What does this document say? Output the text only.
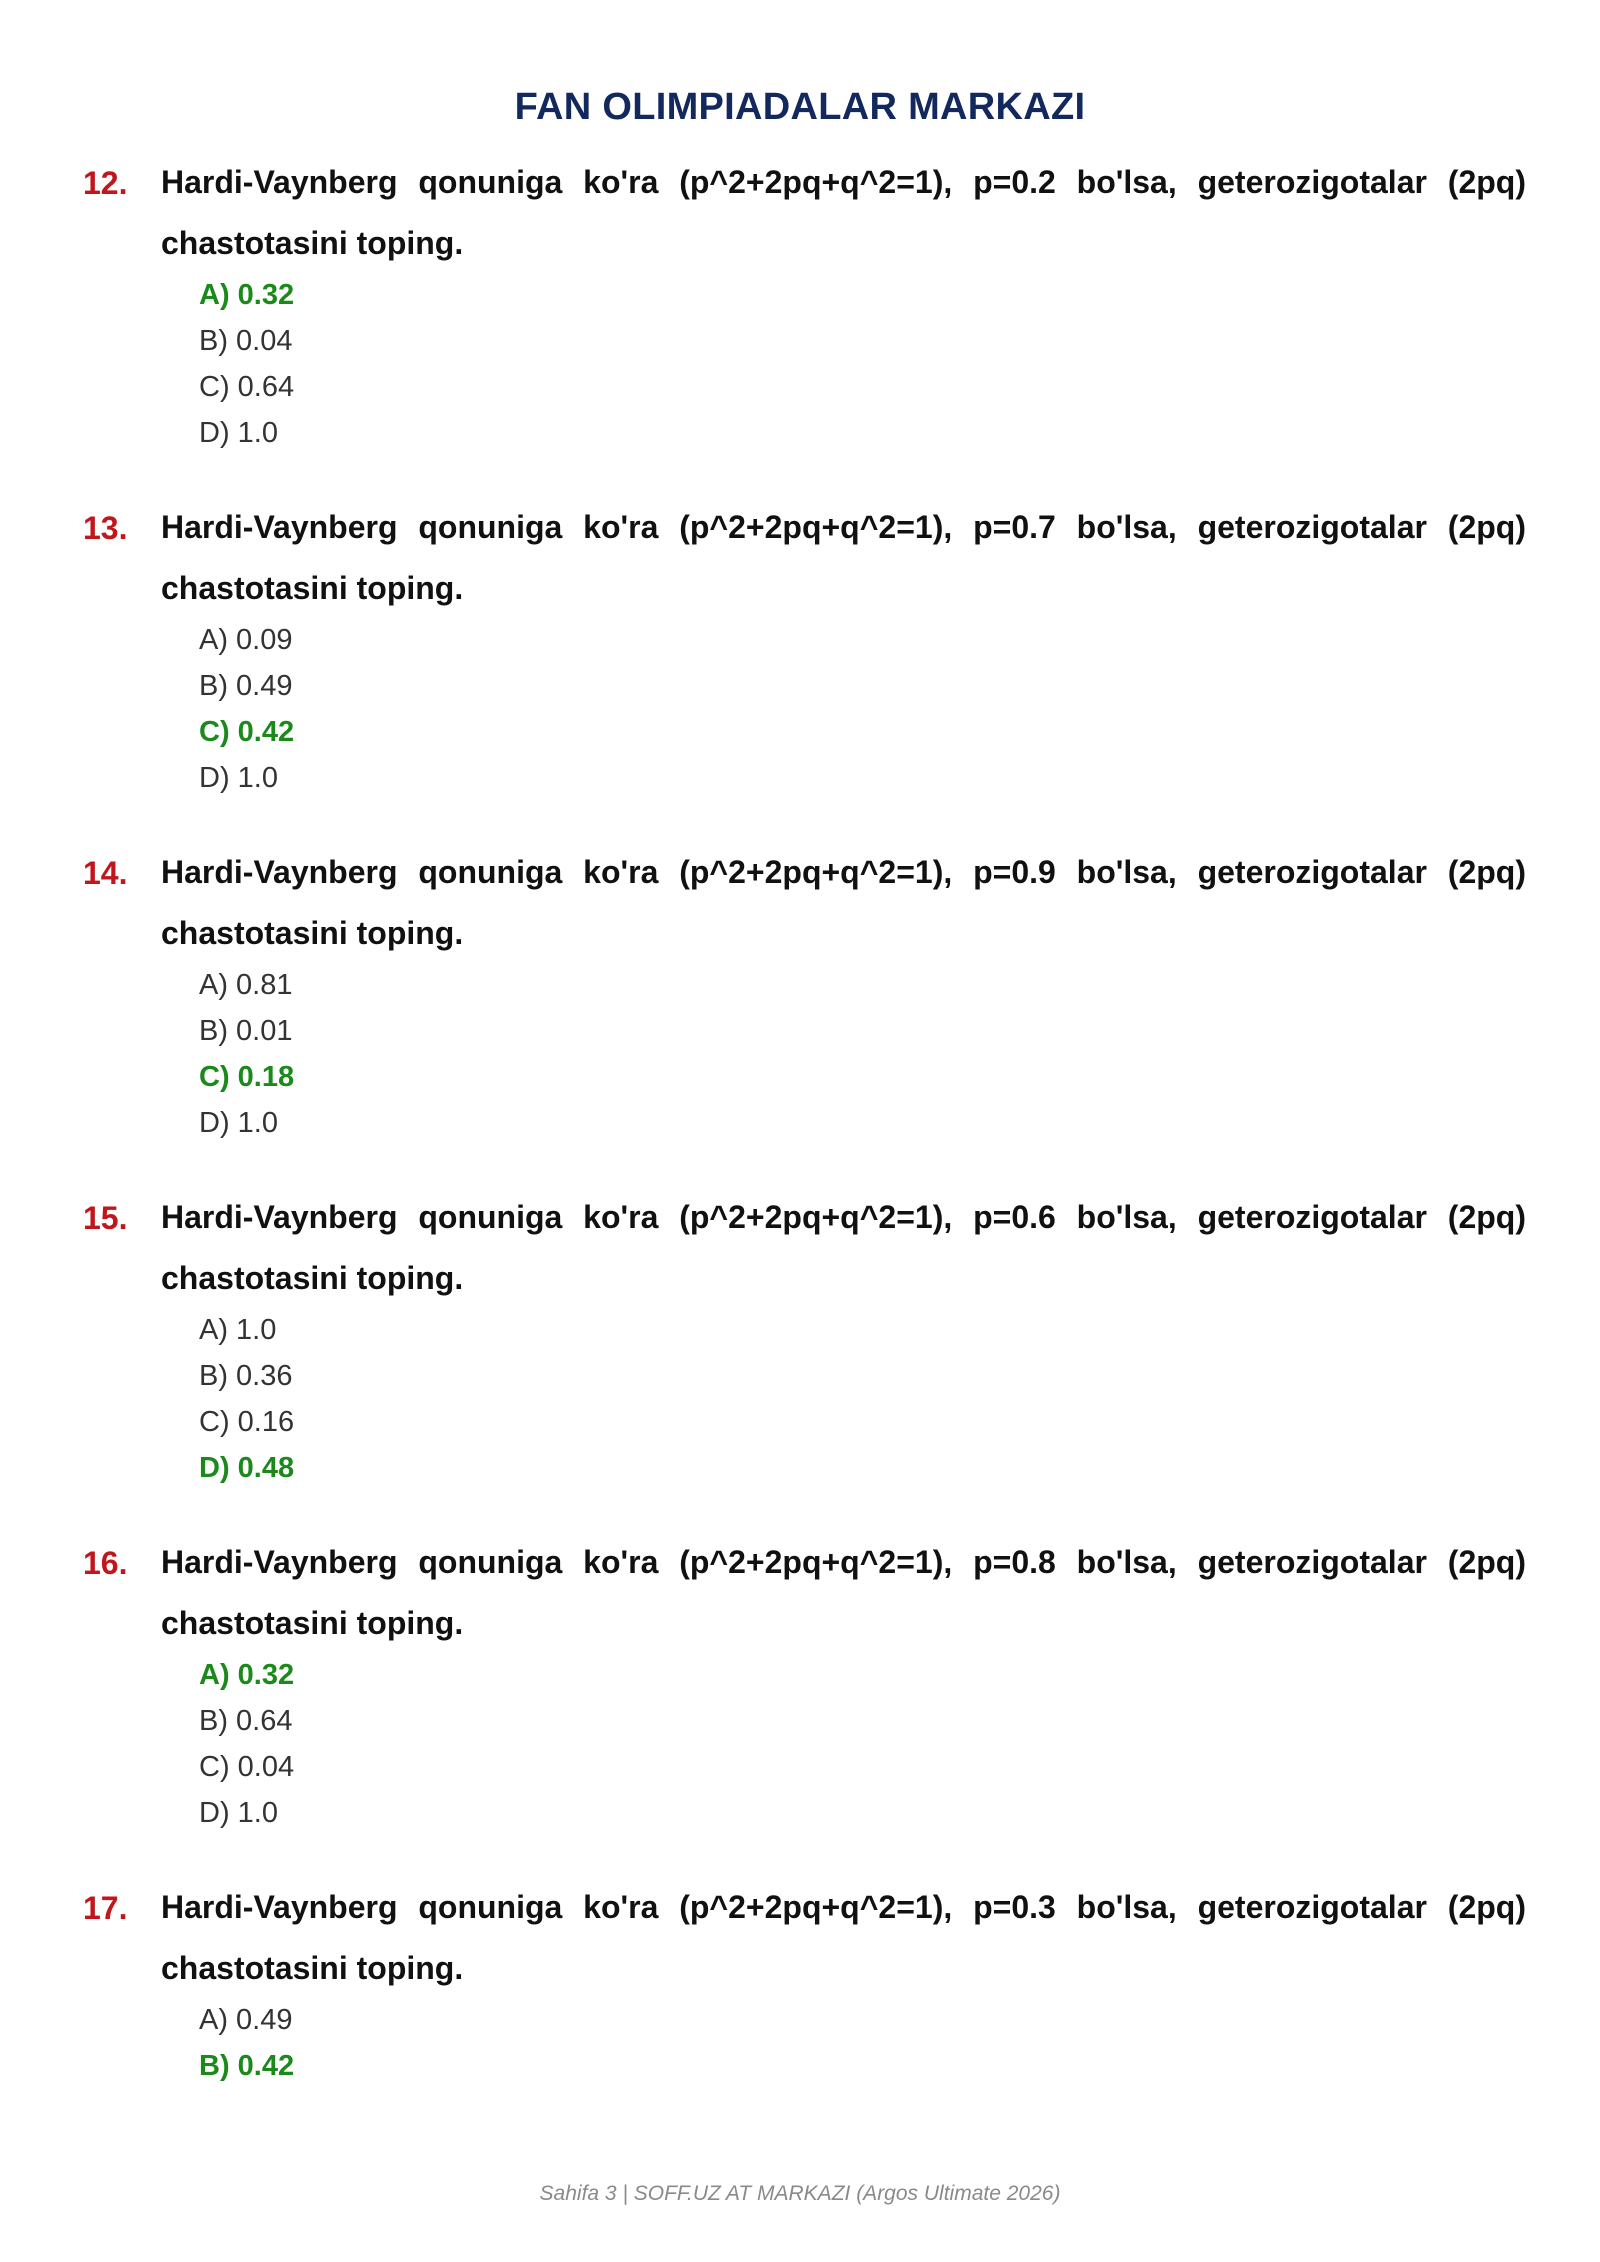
FAN OLIMPIADALAR MARKAZI
12. Hardi-Vaynberg qonuniga ko'ra (p^2+2pq+q^2=1), p=0.2 bo'lsa, geterozigotalar (2pq) chastotasini toping.
A) 0.32
B) 0.04
C) 0.64
D) 1.0
13. Hardi-Vaynberg qonuniga ko'ra (p^2+2pq+q^2=1), p=0.7 bo'lsa, geterozigotalar (2pq) chastotasini toping.
A) 0.09
B) 0.49
C) 0.42
D) 1.0
14. Hardi-Vaynberg qonuniga ko'ra (p^2+2pq+q^2=1), p=0.9 bo'lsa, geterozigotalar (2pq) chastotasini toping.
A) 0.81
B) 0.01
C) 0.18
D) 1.0
15. Hardi-Vaynberg qonuniga ko'ra (p^2+2pq+q^2=1), p=0.6 bo'lsa, geterozigotalar (2pq) chastotasini toping.
A) 1.0
B) 0.36
C) 0.16
D) 0.48
16. Hardi-Vaynberg qonuniga ko'ra (p^2+2pq+q^2=1), p=0.8 bo'lsa, geterozigotalar (2pq) chastotasini toping.
A) 0.32
B) 0.64
C) 0.04
D) 1.0
17. Hardi-Vaynberg qonuniga ko'ra (p^2+2pq+q^2=1), p=0.3 bo'lsa, geterozigotalar (2pq) chastotasini toping.
A) 0.49
B) 0.42
Sahifa 3 | SOFF.UZ AT MARKAZI (Argos Ultimate 2026)
